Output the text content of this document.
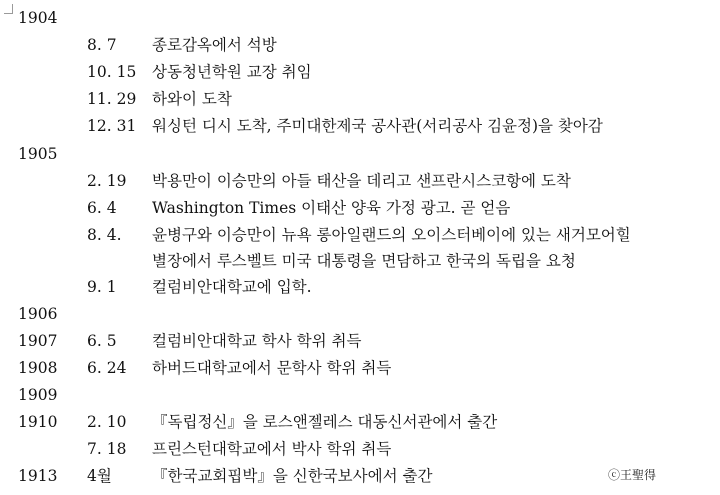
1904
8. 7 종로감옥에서 석방
10. 15 상동청년학원 교장 취임
11. 29 하와이 도착
12. 31 워싱턴 디시 도착, 주미대한제국 공사관(서리공사 김윤정)을 찾아감
1905
2. 19 박용만이 이승만의 아들 태산을 데리고 샌프란시스코항에 도착
6. 4 Washington Times 이태산 양육 가정 광고. 곧 얻음
8. 4. 윤병구와 이승만이 뉴욕 롱아일랜드의 오이스터베이에 있는 새거모어힐
별장에서 루스벨트 미국 대통령을 면담하고 한국의 독립을 요청
9. 1 컬럼비안대학교에 입학.
1906
1907 6. 5 컬럼비안대학교 학사 학위 취득
1908 6. 24 하버드대학교에서 문학사 학위 취득
1909
1910 2. 10 『독립정신』을 로스앤젤레스 대동신서관에서 출간
7. 18 프린스턴대학교에서 박사 학위 취득
1913 4월	『한국교회핍박』을 신한국보사에서 출간	ⓒ王聖得
